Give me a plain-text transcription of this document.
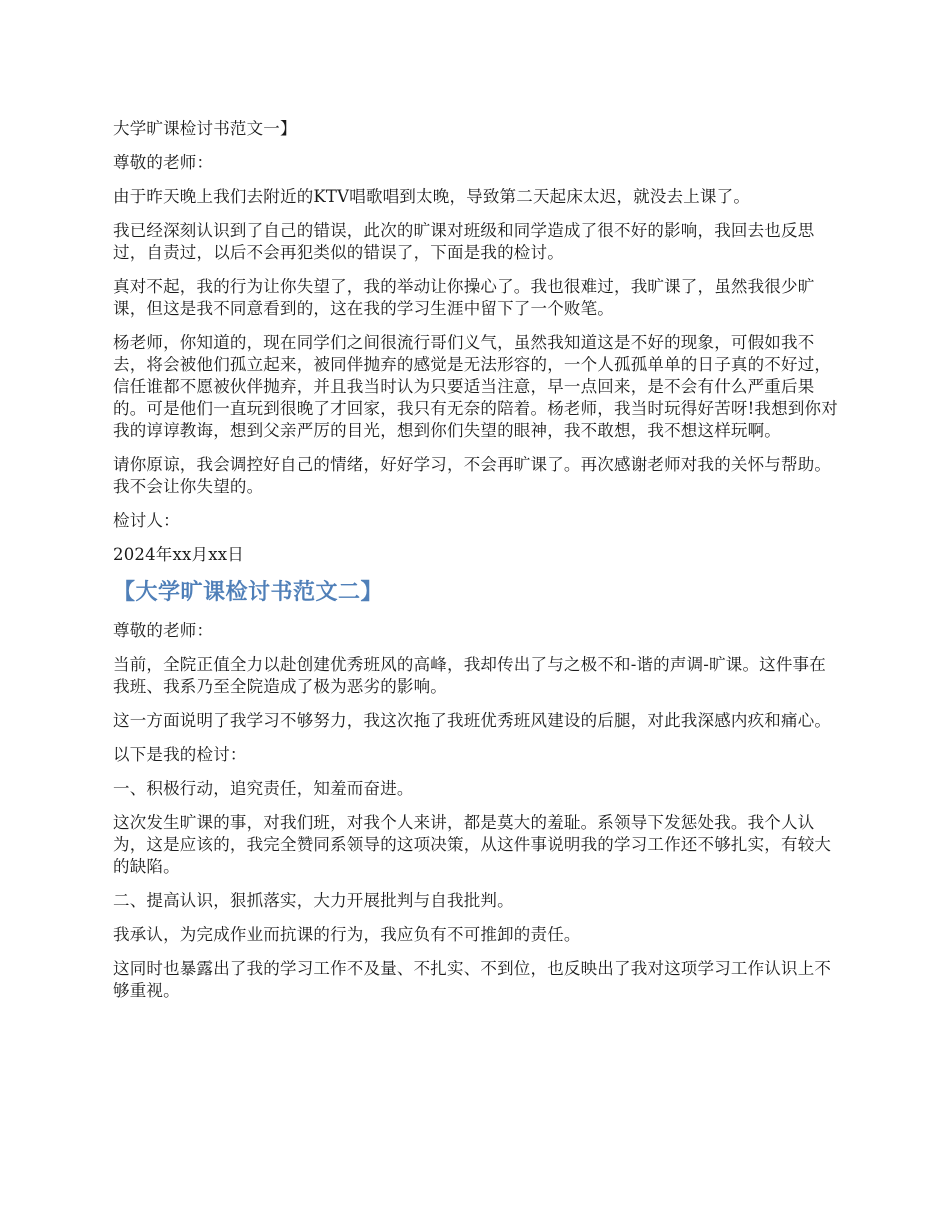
大学旷课检讨书范文一】

尊敬的老师：

由于昨天晚上我们去附近的KTV唱歌唱到太晚，导致第二天起床太迟，就没去上课了。

我已经深刻认识到了自己的错误，此次的旷课对班级和同学造成了很不好的影响，我回去也反思过，自责过，以后不会再犯类似的错误了，下面是我的检讨。

真对不起，我的行为让你失望了，我的举动让你操心了。我也很难过，我旷课了，虽然我很少旷课，但这是我不同意看到的，这在我的学习生涯中留下了一个败笔。

杨老师，你知道的，现在同学们之间很流行哥们义气，虽然我知道这是不好的现象，可假如我不去，将会被他们孤立起来，被同伴抛弃的感觉是无法形容的，一个人孤孤单单的日子真的不好过，信任谁都不愿被伙伴抛弃，并且我当时认为只要适当注意，早一点回来，是不会有什么严重后果的。可是他们一直玩到很晚了才回家，我只有无奈的陪着。杨老师，我当时玩得好苦呀!我想到你对我的谆谆教诲，想到父亲严厉的目光，想到你们失望的眼神，我不敢想，我不想这样玩啊。

请你原谅，我会调控好自己的情绪，好好学习，不会再旷课了。再次感谢老师对我的关怀与帮助。我不会让你失望的。

检讨人：

2024年xx月xx日

【大学旷课检讨书范文二】

尊敬的老师：

当前，全院正值全力以赴创建优秀班风的高峰，我却传出了与之极不和-谐的声调-旷课。这件事在我班、我系乃至全院造成了极为恶劣的影响。

这一方面说明了我学习不够努力，我这次拖了我班优秀班风建设的后腿，对此我深感内疚和痛心。

以下是我的检讨：

一、积极行动，追究责任，知羞而奋进。

这次发生旷课的事，对我们班，对我个人来讲，都是莫大的羞耻。系领导下发惩处我。我个人认为，这是应该的，我完全赞同系领导的这项决策，从这件事说明我的学习工作还不够扎实，有较大的缺陷。

二、提高认识，狠抓落实，大力开展批判与自我批判。

我承认，为完成作业而抗课的行为，我应负有不可推卸的责任。

这同时也暴露出了我的学习工作不及量、不扎实、不到位，也反映出了我对这项学习工作认识上不够重视。
